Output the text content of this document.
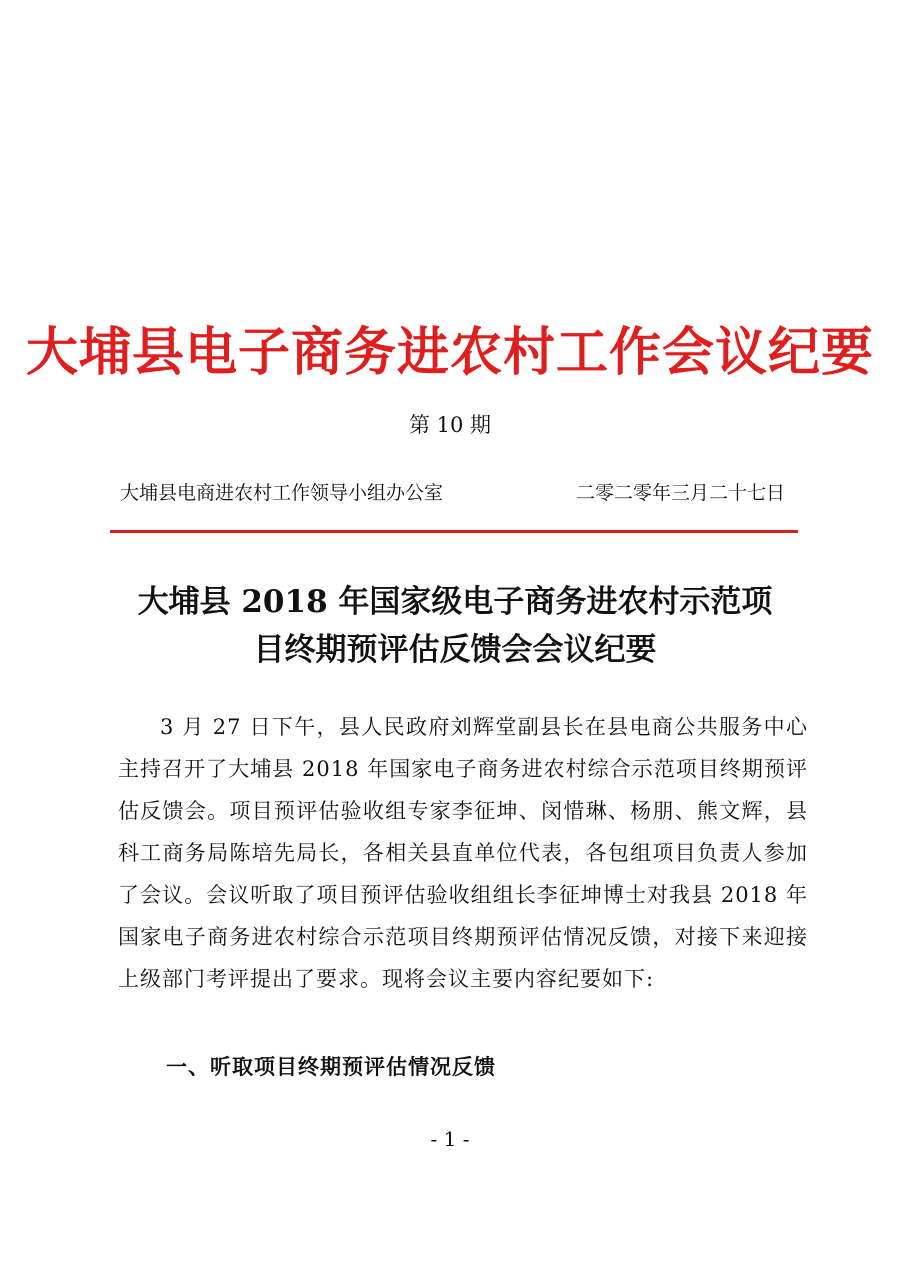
大埔县电子商务进农村工作会议纪要
第 10 期
大埔县电商进农村工作领导小组办公室	二零二零年三月二十七日
大埔县 2018 年国家级电子商务进农村示范项
目终期预评估反馈会会议纪要

3 月 27 日下午，县人民政府刘辉堂副县长在县电商公共服务中心主持召开了大埔县 2018 年国家电子商务进农村综合示范项目终期预评估反馈会。项目预评估验收组专家李征坤、闵惜琳、杨朋、熊文辉，县科工商务局陈培先局长，各相关县直单位代表，各包组项目负责人参加了会议。会议听取了项目预评估验收组组长李征坤博士对我县 2018 年国家电子商务进农村综合示范项目终期预评估情况反馈，对接下来迎接上级部门考评提出了要求。现将会议主要内容纪要如下:

一、听取项目终期预评估情况反馈
- 1 -
